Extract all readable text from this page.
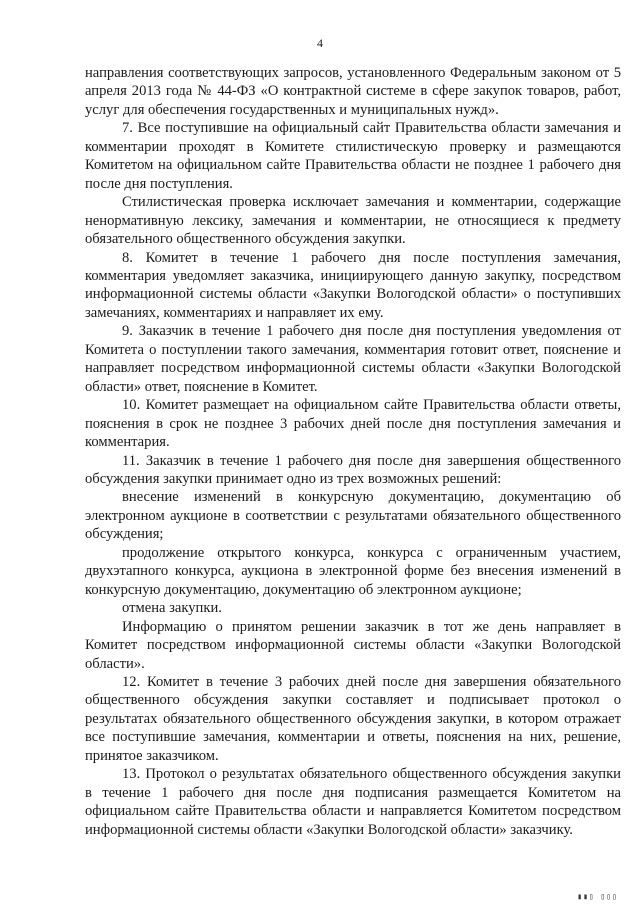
4

направления соответствующих запросов, установленного Федеральным законом от 5 апреля 2013 года № 44-ФЗ «О контрактной системе в сфере закупок товаров, работ, услуг для обеспечения государственных и муниципальных нужд».

7. Все поступившие на официальный сайт Правительства области замечания и комментарии проходят в Комитете стилистическую проверку и размещаются Комитетом на официальном сайте Правительства области не позднее 1 рабочего дня после дня поступления.

Стилистическая проверка исключает замечания и комментарии, содержащие ненормативную лексику, замечания и комментарии, не относящиеся к предмету обязательного общественного обсуждения закупки.

8. Комитет в течение 1 рабочего дня после поступления замечания, комментария уведомляет заказчика, инициирующего данную закупку, посредством информационной системы области «Закупки Вологодской области» о поступивших замечаниях, комментариях и направляет их ему.

9. Заказчик в течение 1 рабочего дня после дня поступления уведомления от Комитета о поступлении такого замечания, комментария готовит ответ, пояснение и направляет посредством информационной системы области «Закупки Вологодской области» ответ, пояснение в Комитет.

10. Комитет размещает на официальном сайте Правительства области ответы, пояснения в срок не позднее 3 рабочих дней после дня поступления замечания и комментария.

11. Заказчик в течение 1 рабочего дня после дня завершения общественного обсуждения закупки принимает одно из трех возможных решений:

внесение изменений в конкурсную документацию, документацию об электронном аукционе в соответствии с результатами обязательного общественного обсуждения;

продолжение открытого конкурса, конкурса с ограниченным участием, двухэтапного конкурса, аукциона в электронной форме без внесения изменений в конкурсную документацию, документацию об электронном аукционе;

отмена закупки.

Информацию о принятом решении заказчик в тот же день направляет в Комитет посредством информационной системы области «Закупки Вологодской области».

12. Комитет в течение 3 рабочих дней после дня завершения обязательного общественного обсуждения закупки составляет и подписывает протокол о результатах обязательного общественного обсуждения закупки, в котором отражает все поступившие замечания, комментарии и ответы, пояснения на них, решение, принятое заказчиком.

13. Протокол о результатах обязательного общественного обсуждения закупки в течение 1 рабочего дня после дня подписания размещается Комитетом на официальном сайте Правительства области и направляется Комитетом посредством информационной системы области «Закупки Вологодской области» заказчику.

▮▮▯ ▯▯▯
